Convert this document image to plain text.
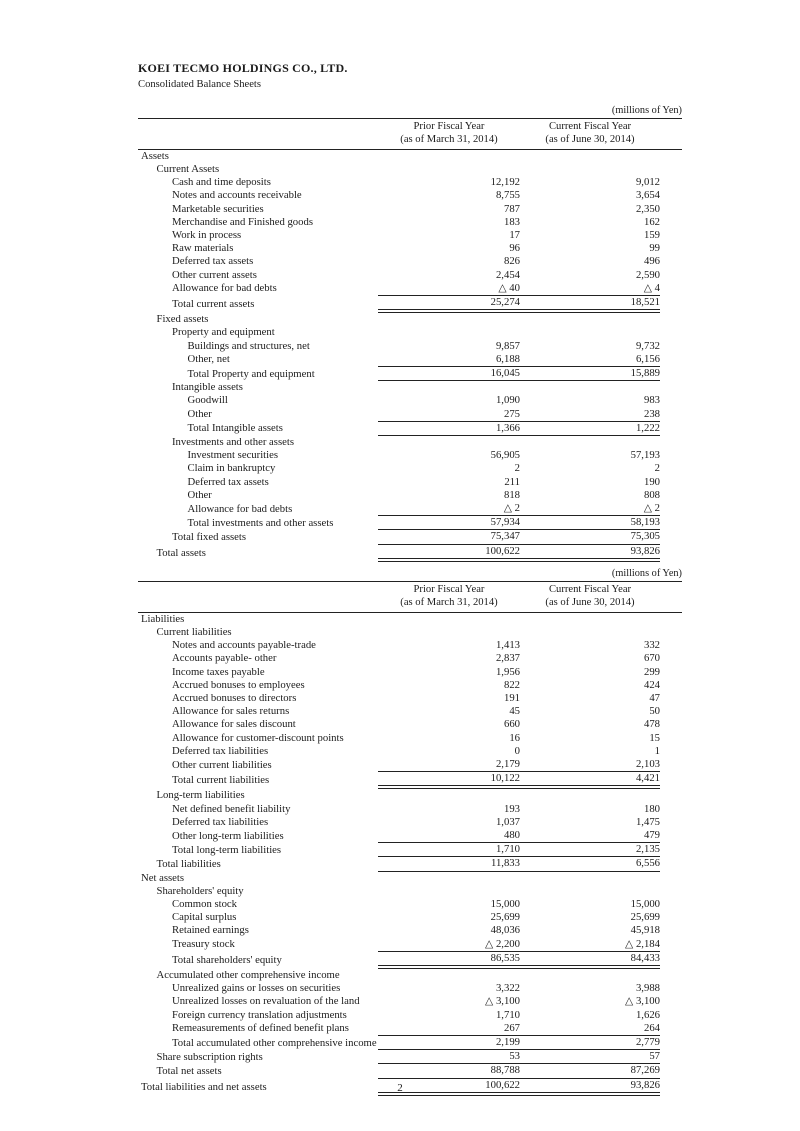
KOEI TECMO HOLDINGS CO., LTD.
Consolidated Balance Sheets
(millions of Yen)

Prior Fiscal Year
(as of March 31, 2014)

Current Fiscal Year
(as of June 30, 2014)

Assets			
Current Assets			
Cash and time deposits	12,192	9,012	
Notes and accounts receivable	8,755	3,654	
Marketable securities	787	2,350	
Merchandise and Finished goods	183	162	
Work in process	17	159	
Raw materials	96	99	
Deferred tax assets	826	496	
Other current assets	2,454	2,590	
Allowance for bad debts	△ 40	△ 4	
Total current assets	25,274	18,521	
Fixed assets			
Property and equipment			
Buildings and structures, net	9,857	9,732	
Other, net	6,188	6,156	
Total Property and equipment	16,045	15,889	
Intangible assets			
Goodwill	1,090	983	
Other	275	238	
Total Intangible assets	1,366	1,222	
Investments and other assets			
Investment securities	56,905	57,193	
Claim in bankruptcy	2	2	
Deferred tax assets	211	190	
Other	818	808	
Allowance for bad debts	△ 2	△ 2	
Total investments and other assets	57,934	58,193	
Total fixed assets	75,347	75,305	
Total assets	100,622	93,826	
(millions of Yen)

Prior Fiscal Year
(as of March 31, 2014)

Current Fiscal Year
(as of June 30, 2014)

Liabilities			
Current liabilities			
Notes and accounts payable-trade	1,413	332	
Accounts payable- other	2,837	670	
Income taxes payable	1,956	299	
Accrued bonuses to employees	822	424	
Accrued bonuses to directors	191	47	
Allowance for sales returns	45	50	
Allowance for sales discount	660	478	
Allowance for customer-discount points	16	15	
Deferred tax liabilities	0	1	
Other current liabilities	2,179	2,103	
Total current liabilities	10,122	4,421	
Long-term liabilities			
Net defined benefit liability	193	180	
Deferred tax liabilities	1,037	1,475	
Other long-term liabilities	480	479	
Total long-term liabilities	1,710	2,135	
Total liabilities	11,833	6,556	
Net assets			
Shareholders' equity			
Common stock	15,000	15,000	
Capital surplus	25,699	25,699	
Retained earnings	48,036	45,918	
Treasury stock	△ 2,200	△ 2,184	
Total shareholders' equity	86,535	84,433	
Accumulated other comprehensive income			
Unrealized gains or losses on securities	3,322	3,988	
Unrealized losses on revaluation of the land	△ 3,100	△ 3,100	
Foreign currency translation adjustments	1,710	1,626	
Remeasurements of defined benefit plans	267	264	
Total accumulated other comprehensive income	2,199	2,779	
Share subscription rights	53	57	
Total net assets	88,788	87,269	
Total liabilities and net assets	100,622	93,826	
2
